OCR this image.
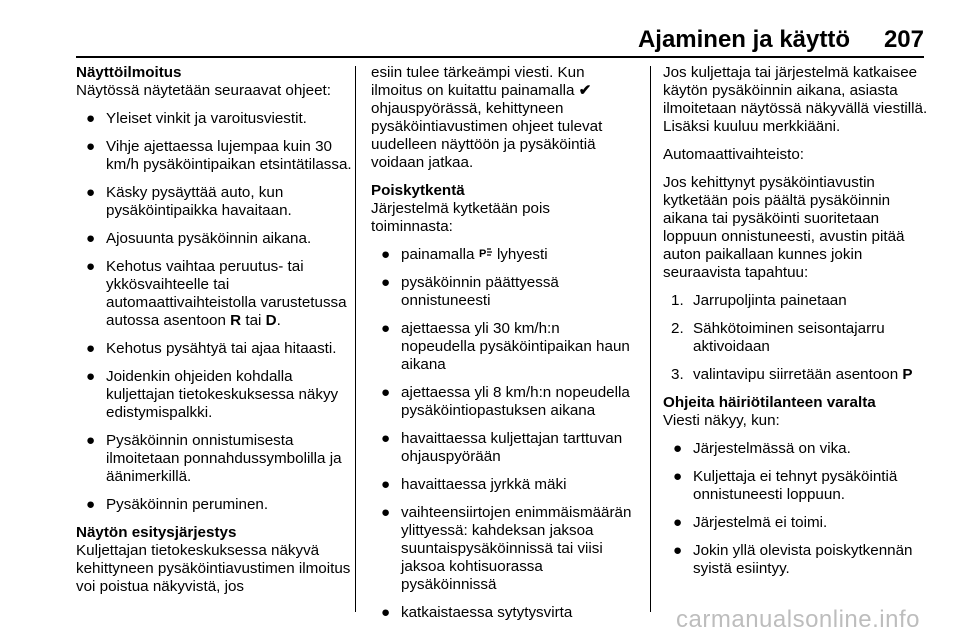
Ajaminen ja käyttö 207
Näyttöilmoitus

Näytössä näytetään seuraavat ohjeet:

● Yleiset vinkit ja varoitusviestit.
● Vihje ajettaessa lujempaa kuin 30 km/h pysäköintipaikan etsintätilassa.
● Käsky pysäyttää auto, kun pysäköintipaikka havaitaan.
● Ajosuunta pysäköinnin aikana.
● Kehotus vaihtaa peruutus- tai ykkösvaihteelle tai automaattivaihteistolla varustetussa autossa asentoon R tai D.
● Kehotus pysähtyä tai ajaa hitaasti.
● Joidenkin ohjeiden kohdalla kuljettajan tietokeskuksessa näkyy edistymispalkki.
● Pysäköinnin onnistumisesta ilmoitetaan ponnahdussymbolilla ja äänimerkillä.
● Pysäköinnin peruminen.
Näytön esitysjärjestys

Kuljettajan tietokeskuksessa näkyvä kehittyneen pysäköintiavustimen ilmoitus voi poistua näkyvistä, jos

esiin tulee tärkeämpi viesti. Kun ilmoitus on kuitattu painamalla ✔ ohjauspyörässä, kehittyneen pysäköintiavustimen ohjeet tulevat uudelleen näyttöön ja pysäköintiä voidaan jatkaa.

Poiskytkentä

Järjestelmä kytketään pois toiminnasta:

● painamalla P lyhyesti
● pysäköinnin päättyessä onnistuneesti
● ajettaessa yli 30 km/h:n nopeudella pysäköintipaikan haun aikana
● ajettaessa yli 8 km/h:n nopeudella pysäköintiopastuksen aikana
● havaittaessa kuljettajan tarttuvan ohjauspyörään
● havaittaessa jyrkkä mäki
● vaihteensiirtojen enimmäismäärän ylittyessä: kahdeksan jaksoa suuntaispysäköinnissä tai viisi jaksoa kohtisuorassa pysäköinnissä
● katkaistaessa sytytysvirta

Jos kuljettaja tai järjestelmä katkaisee käytön pysäköinnin aikana, asiasta ilmoitetaan näytössä näkyvällä viestillä. Lisäksi kuuluu merkkiääni.

Automaattivaihteisto:

Jos kehittynyt pysäköintiavustin kytketään pois päältä pysäköinnin aikana tai pysäköinti suoritetaan loppuun onnistuneesti, avustin pitää auton paikallaan kunnes jokin seuraavista tapahtuu:

1. Jarrupoljinta painetaan
2. Sähkötoiminen seisontajarru aktivoidaan
3. valintavipu siirretään asentoon P
Ohjeita häiriötilanteen varalta

Viesti näkyy, kun:

● Järjestelmässä on vika.
● Kuljettaja ei tehnyt pysäköintiä onnistuneesti loppuun.
● Järjestelmä ei toimi.
● Jokin yllä olevista poiskytkennän syistä esiintyy.
carmanualsonline.info
